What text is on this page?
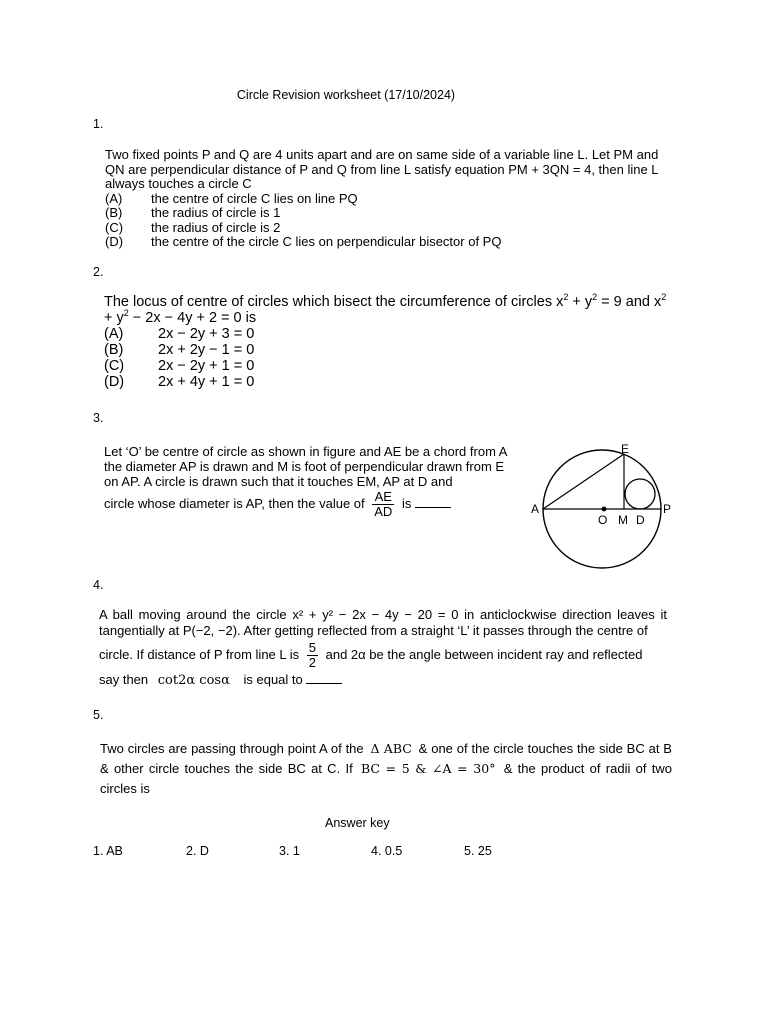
Circle Revision worksheet (17/10/2024)
1.
Two fixed points P and Q are 4 units apart and are on same side of a variable line L. Let PM and QN are perpendicular distance of P and Q from line L satisfy equation PM + 3QN = 4, then line L always touches a circle C
(A)	the centre of circle C lies on line PQ
(B)	the radius of circle is 1
(C)	the radius of circle is 2
(D)	the centre of the circle C lies on perpendicular bisector of PQ
2.
The locus of centre of circles which bisect the circumference of circles $x^2 + y^2 = 9$ and $x^2 + y^2 - 2x - 4y + 2 = 0$ is
(A)	2x − 2y + 3 = 0
(B)	2x + 2y − 1 = 0
(C)	2x − 2y + 1 = 0
(D)	2x + 4y + 1 = 0
3.
Let ‘O’ be centre of circle as shown in figure and AE be a chord from A the diameter AP is drawn and M is foot of perpendicular drawn from E on AP. A circle is drawn such that it touches EM, AP at D and
circle whose diameter is AP, then the value of $\frac{AE}{AD}$ is
E
A	P
O M D
4.
A ball moving around the circle x² + y² − 2x − 4y − 20 = 0 in anticlockwise direction leaves it tangentially at P(−2, −2). After getting reflected from a straight ‘L’ it passes through the centre of
circle. If distance of P from line L is $\frac{5}{2}$ and 2α be the angle between incident ray and reflected
say then cot2α cosα is equal to
5.
Two circles are passing through point A of the Δ ABC & one of the circle touches the side BC at B & other circle touches the side BC at C. If BC = 5 & ∠A = 30° & the product of radii of two circles is
Answer key
1. AB	2. D	3. 1	4. 0.5	5. 25
